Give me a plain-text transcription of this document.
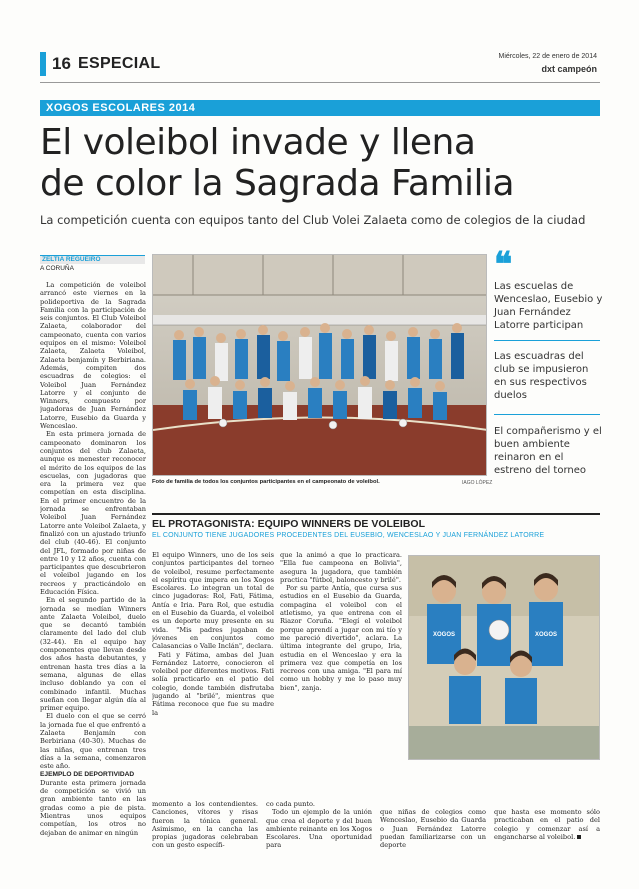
16 ESPECIAL	Miércoles, 22 de enero de 2014
dxt campeón
XOGOS ESCOLARES 2014
El voleibol invade y llena
de color la Sagrada Familia
La competición cuenta con equipos tanto del Club Volei Zalaeta como de colegios de la ciudad
ZELTIA REGUEIRO
A CORUÑA

La competición de voleibol arrancó este viernes en la polideportiva de la Sagrada Familia con la participación de seis conjuntos. El Club Voleibol Zalaeta, colaborador del campeonato, cuenta con varios equipos en el mismo: Voleibol Zalaeta, Zalaeta Voleibol, Zalaeta benjamín y Berbiriana. Además, compiten dos escuadras de colegios: el Voleibol Juan Fernández Latorre y el conjunto de Winners, compuesto por jugadoras de Juan Fernández Latorre, Eusebio da Guarda y Wenceslao.

En esta primera jornada de campeonato dominaron los conjuntos del club Zalaeta, aunque es menester reconocer el mérito de los equipos de las escuelas, con jugadoras que era la primera vez que competían en esta disciplina. En el primer encuentro de la jornada se enfrentaban Voleibol Juan Fernández Latorre ante Voleibol Zalaeta, y finalizó con un ajustado triunfo del club (40-46). El conjunto del JFL, formado por niñas de entre 10 y 12 años, cuenta con participantes que descubrieron el voleibol jugando en los recreos y practicándolo en Educación Física.

En el segundo partido de la jornada se medían Winners ante Zalaeta Voleibol, duelo que se decantó también claramente del lado del club (32-44). En el equipo hay componentes que llevan desde dos años hasta debutantes, y entrenan hasta tres días a la semana, algunas de ellas incluso doblando ya con el combinado infantil. Muchas sueñan con llegar algún día al primer equipo.

El duelo con el que se cerró la jornada fue el que enfrentó a Zalaeta Benjamín con Berbiriana (40-30). Muchas de las niñas, que entrenan tres días a la semana, comenzaron este año.

EJEMPLO DE DEPORTIVIDAD

Durante esta primera jornada de competición se vivió un gran ambiente tanto en las gradas como a pie de pista. Mientras unos equipos competían, los otros no dejaban de animar en ningún

Foto de familia de todos los conjuntos participantes en el campeonato de voleibol.	IAGO LÓPEZ
❝
Las escuelas de Wenceslao, Eusebio y Juan Fernández Latorre participan
Las escuadras del club se impusieron en sus respectivos duelos
El compañerismo y el buen ambiente reinaron en el estreno del torneo
EL PROTAGONISTA: EQUIPO WINNERS DE VOLEIBOL
EL CONJUNTO TIENE JUGADORES PROCEDENTES DEL EUSEBIO, WENCESLAO Y JUAN FERNÁNDEZ LATORRE

El equipo Winners, uno de los seis conjuntos participantes del torneo de voleibol, resume perfectamente el espíritu que impera en los Xogos Escolares. Lo integran un total de cinco jugadoras: Rol, Fati, Fátima, Antía e Iria. Para Rol, que estudia en el Eusebio da Guarda, el voleibol es un deporte muy presente en su vida. "Mis padres jugaban de jóvenes en conjuntos como Calasancias o Valle Inclán", declara.

Fati y Fátima, ambas del Juan Fernández Latorre, conocieron el voleibol por diferentes motivos. Fati solía practicarlo en el patio del colegio, donde también disfrutaba jugando al "brilé", mientras que Fátima reconoce que fue su madre la

que la animó a que lo practicara. "Ella fue campeona en Bolivia", asegura la jugadora, que también practica "fútbol, baloncesto y brilé".

Por su parte Antía, que cursa sus estudios en el Eusebio da Guarda, compagina el voleibol con el atletismo, ya que entrena con el Riazor Coruña. "Elegí el voleibol porque aprendí a jugar con mi tío y me pareció divertido", aclara. La última integrante del grupo, Iria, estudia en el Wenceslao y era la primera vez que competía en los recreos con una amiga. "El para mí como un hobby y me lo paso muy bien", zanja.

XOGOS	XOGOS

momento a los contendientes. Canciones, vítores y risas fueron la tónica general. Asimismo, en la cancha las propias jugadoras celebraban con un gesto específi-

co cada punto.

Todo un ejemplo de la unión que crea el deporte y del buen ambiente reinante en los Xogos Escolares. Una oportunidad para

que niñas de colegios como Wenceslao, Eusebio da Guarda o Juan Fernández Latorre puedan familiarizarse con un deporte

que hasta ese momento sólo practicaban en el patio del colegio y comenzar así a engancharse al voleibol.
